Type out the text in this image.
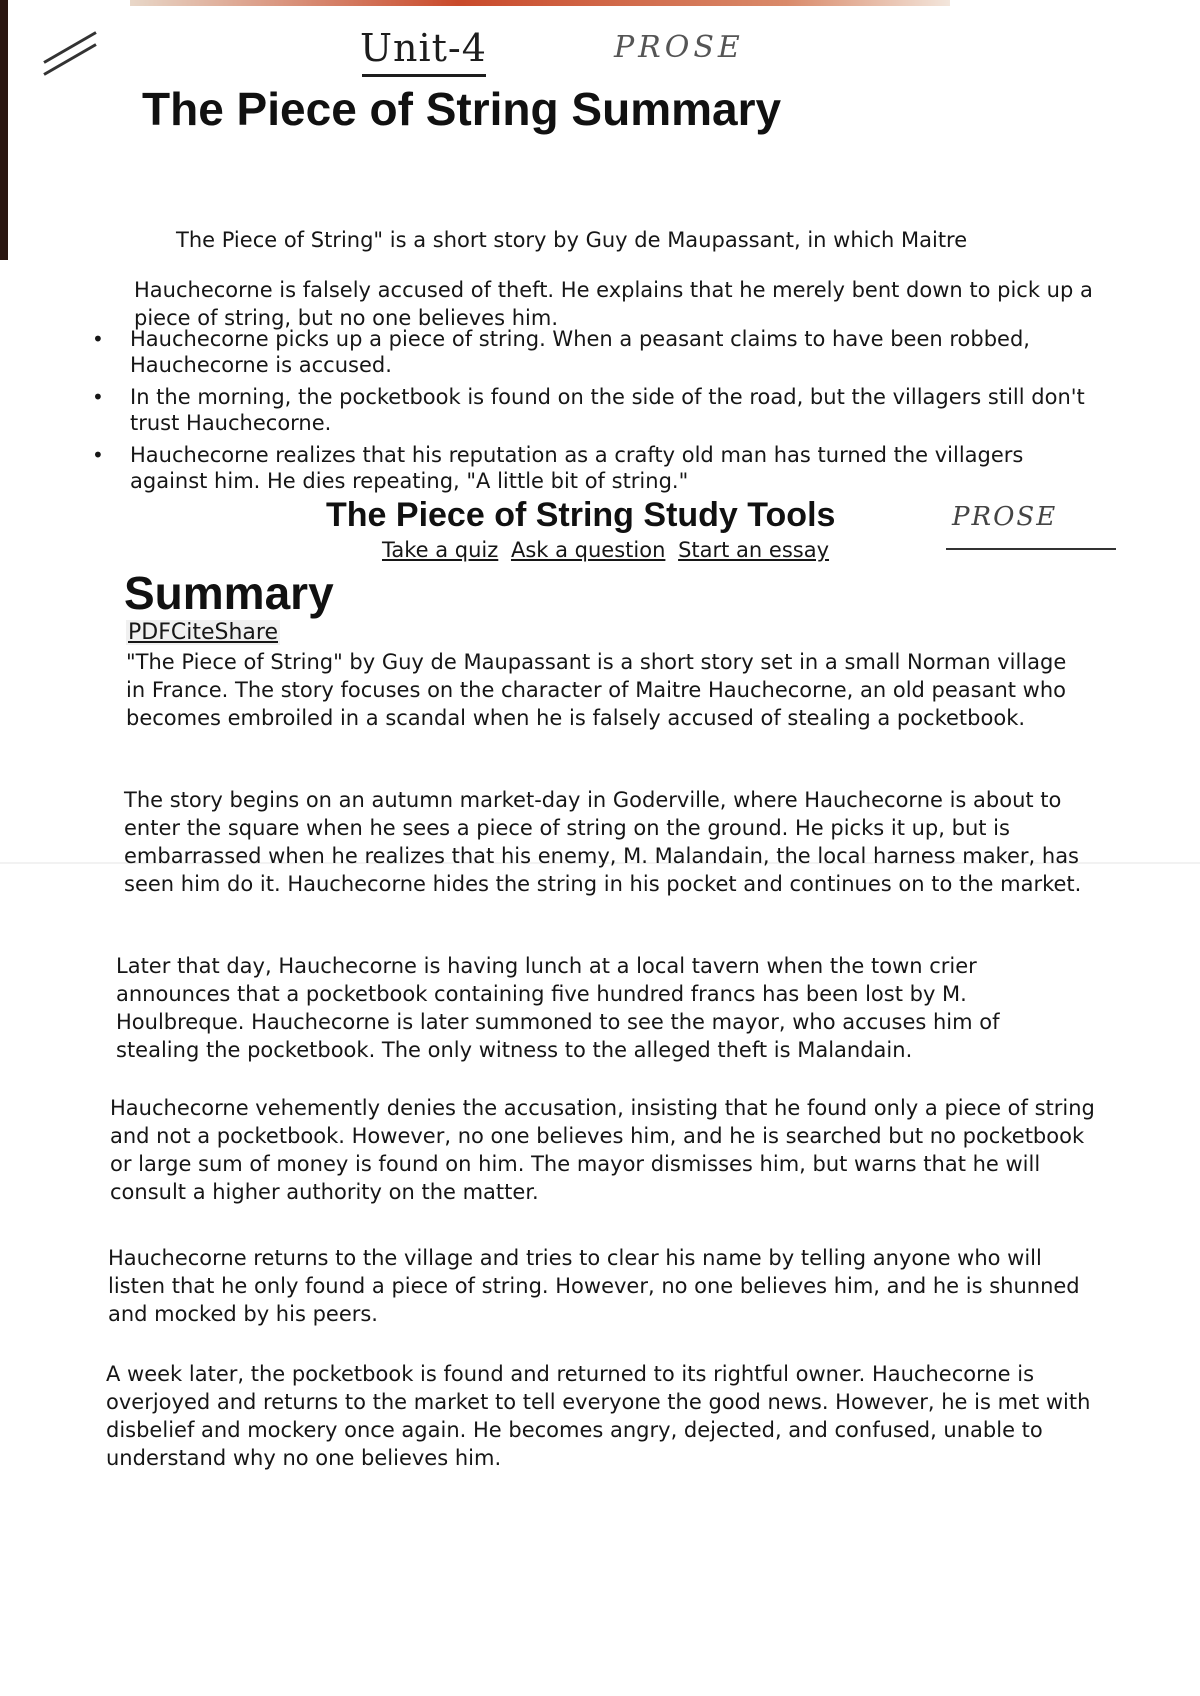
Unit-4	PROSE
The Piece of String Summary

The Piece of String" is a short story by Guy de Maupassant, in which Maitre

Hauchecorne is falsely accused of theft. He explains that he merely bent down to pick up a piece of string, but no one believes him.

• Hauchecorne picks up a piece of string. When a peasant claims to have been robbed, Hauchecorne is accused.
• In the morning, the pocketbook is found on the side of the road, but the villagers still don't trust Hauchecorne.
• Hauchecorne realizes that his reputation as a crafty old man has turned the villagers against him. He dies repeating, "A little bit of string."
The Piece of String Study Tools	PROSE
Take a quiz Ask a question Start an essay
Summary
PDFCiteShare

"The Piece of String" by Guy de Maupassant is a short story set in a small Norman village in France. The story focuses on the character of Maitre Hauchecorne, an old peasant who becomes embroiled in a scandal when he is falsely accused of stealing a pocketbook.

The story begins on an autumn market-day in Goderville, where Hauchecorne is about to enter the square when he sees a piece of string on the ground. He picks it up, but is embarrassed when he realizes that his enemy, M. Malandain, the local harness maker, has seen him do it. Hauchecorne hides the string in his pocket and continues on to the market.

Later that day, Hauchecorne is having lunch at a local tavern when the town crier announces that a pocketbook containing five hundred francs has been lost by M. Houlbreque. Hauchecorne is later summoned to see the mayor, who accuses him of stealing the pocketbook. The only witness to the alleged theft is Malandain.

Hauchecorne vehemently denies the accusation, insisting that he found only a piece of string and not a pocketbook. However, no one believes him, and he is searched but no pocketbook or large sum of money is found on him. The mayor dismisses him, but warns that he will consult a higher authority on the matter.

Hauchecorne returns to the village and tries to clear his name by telling anyone who will listen that he only found a piece of string. However, no one believes him, and he is shunned and mocked by his peers.

A week later, the pocketbook is found and returned to its rightful owner. Hauchecorne is overjoyed and returns to the market to tell everyone the good news. However, he is met with disbelief and mockery once again. He becomes angry, dejected, and confused, unable to understand why no one believes him.
